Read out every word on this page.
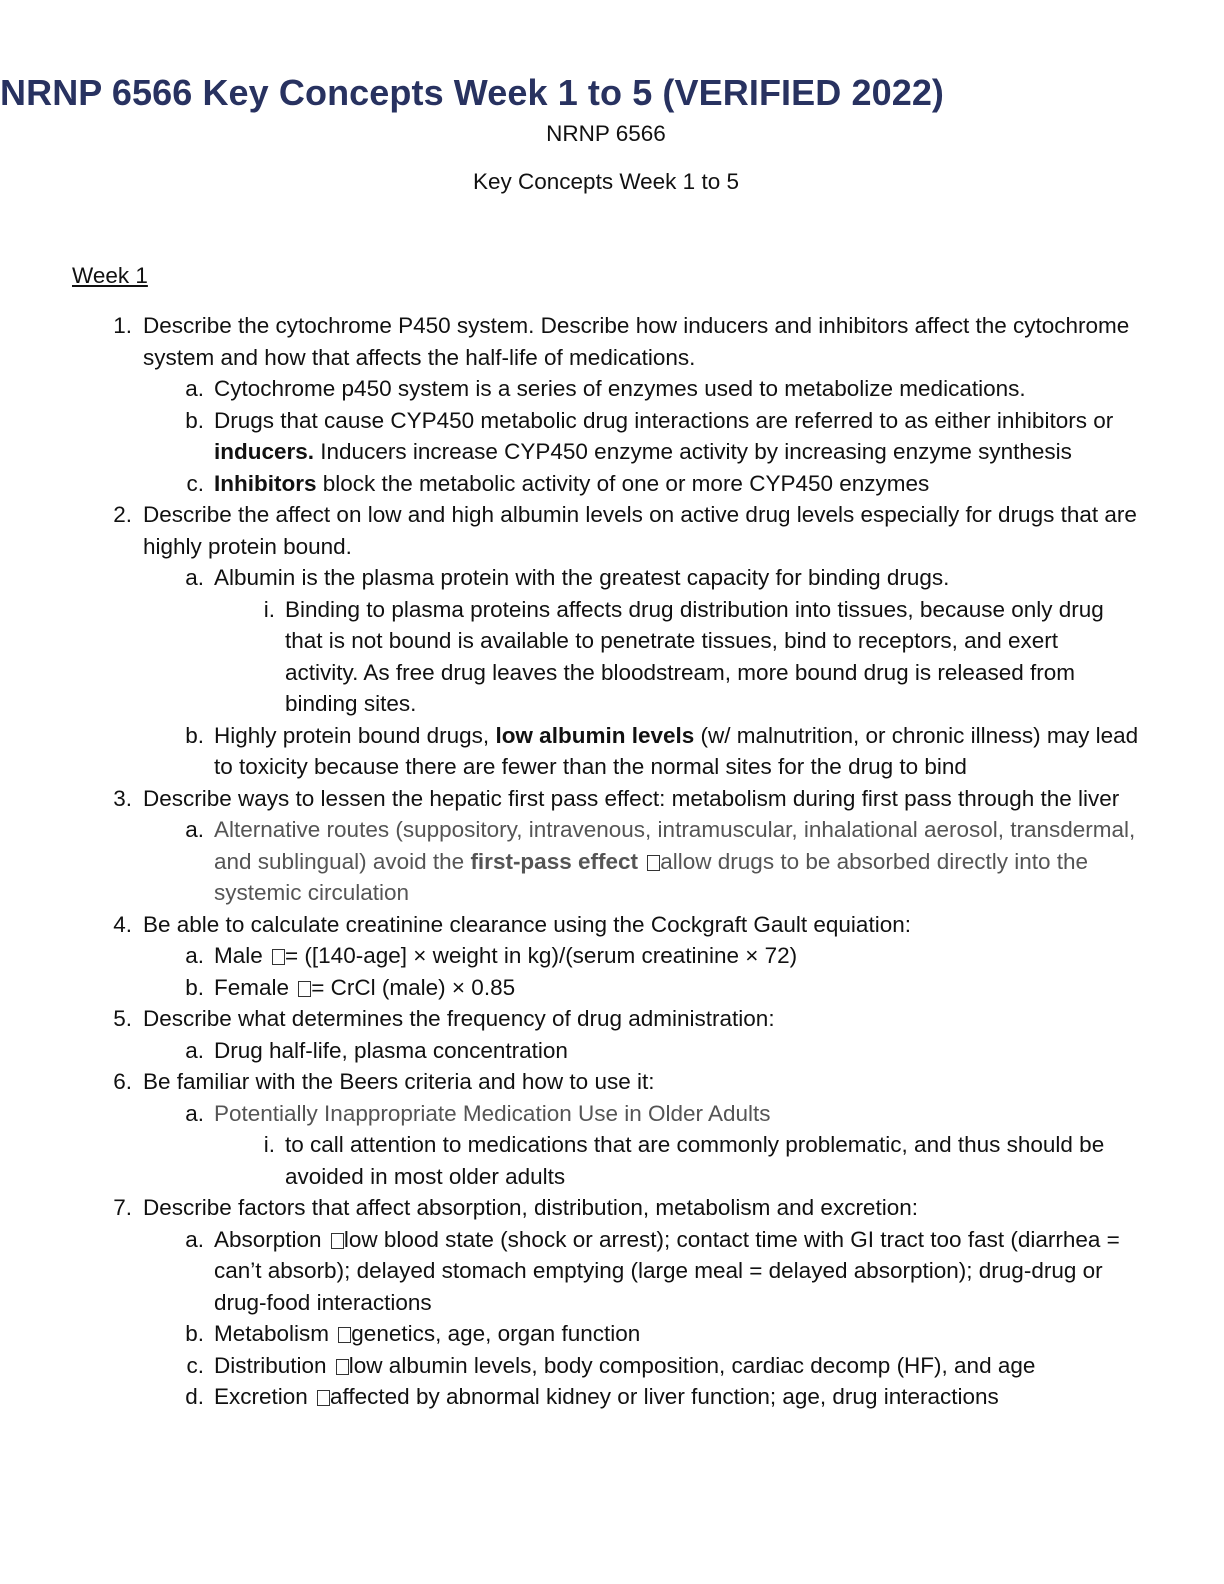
NRNP 6566 Key Concepts Week 1 to 5 (VERIFIED 2022)
NRNP 6566
Key Concepts Week 1 to 5
Week 1
1. Describe the cytochrome P450 system. Describe how inducers and inhibitors affect the cytochrome system and how that affects the half-life of medications.
a. Cytochrome p450 system is a series of enzymes used to metabolize medications.
b. Drugs that cause CYP450 metabolic drug interactions are referred to as either inhibitors or inducers. Inducers increase CYP450 enzyme activity by increasing enzyme synthesis
c. Inhibitors block the metabolic activity of one or more CYP450 enzymes
2. Describe the affect on low and high albumin levels on active drug levels especially for drugs that are highly protein bound.
a. Albumin is the plasma protein with the greatest capacity for binding drugs.
i. Binding to plasma proteins affects drug distribution into tissues, because only drug that is not bound is available to penetrate tissues, bind to receptors, and exert activity. As free drug leaves the bloodstream, more bound drug is released from binding sites.
b. Highly protein bound drugs, low albumin levels (w/ malnutrition, or chronic illness) may lead to toxicity because there are fewer than the normal sites for the drug to bind
3. Describe ways to lessen the hepatic first pass effect: metabolism during first pass through the liver
a. Alternative routes (suppository, intravenous, intramuscular, inhalational aerosol, transdermal, and sublingual) avoid the first-pass effect allow drugs to be absorbed directly into the systemic circulation
4. Be able to calculate creatinine clearance using the Cockgraft Gault equiation:
a. Male = ([140-age] × weight in kg)/(serum creatinine × 72)
b. Female = CrCl (male) × 0.85
5. Describe what determines the frequency of drug administration:
a. Drug half-life, plasma concentration
6. Be familiar with the Beers criteria and how to use it:
a. Potentially Inappropriate Medication Use in Older Adults
i. to call attention to medications that are commonly problematic, and thus should be avoided in most older adults
7. Describe factors that affect absorption, distribution, metabolism and excretion:
a. Absorption low blood state (shock or arrest); contact time with GI tract too fast (diarrhea = can’t absorb); delayed stomach emptying (large meal = delayed absorption); drug-drug or drug-food interactions
b. Metabolism genetics, age, organ function
c. Distribution low albumin levels, body composition, cardiac decomp (HF), and age
d. Excretion affected by abnormal kidney or liver function; age, drug interactions
